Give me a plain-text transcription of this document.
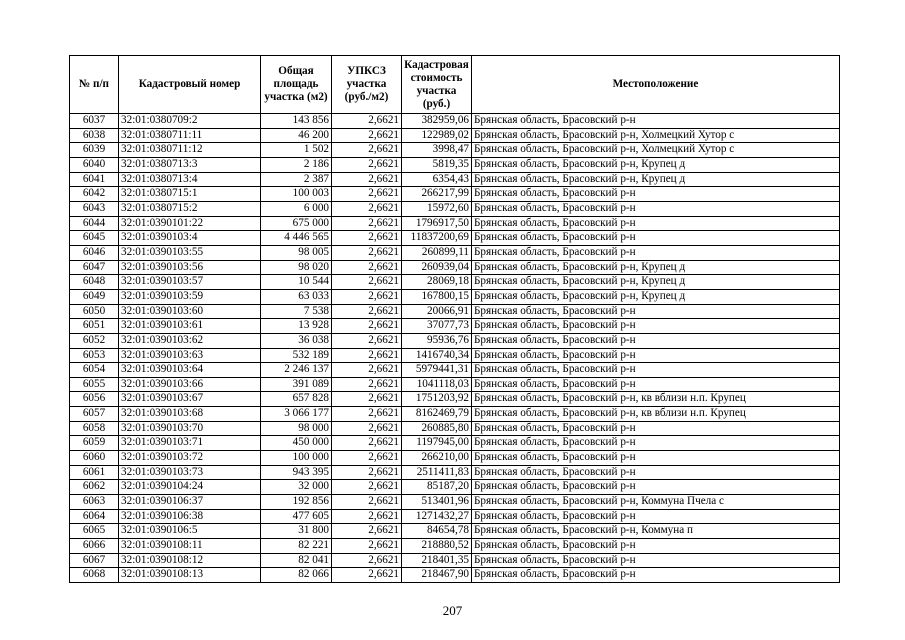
№ п/п	Кадастровый номер	Общая площадь участка (м2)	УПКСЗ участка (руб./м2)	Кадастровая стоимость участка (руб.)	Местоположение
6037	32:01:0380709:2	143 856	2,6621	382959,06	Брянская область, Брасовский р-н
6038	32:01:0380711:11	46 200	2,6621	122989,02	Брянская область, Брасовский р-н, Холмецкий Хутор с
6039	32:01:0380711:12	1 502	2,6621	3998,47	Брянская область, Брасовский р-н, Холмецкий Хутор с
6040	32:01:0380713:3	2 186	2,6621	5819,35	Брянская область, Брасовский р-н, Крупец д
6041	32:01:0380713:4	2 387	2,6621	6354,43	Брянская область, Брасовский р-н, Крупец д
6042	32:01:0380715:1	100 003	2,6621	266217,99	Брянская область, Брасовский р-н
6043	32:01:0380715:2	6 000	2,6621	15972,60	Брянская область, Брасовский р-н
6044	32:01:0390101:22	675 000	2,6621	1796917,50	Брянская область, Брасовский р-н
6045	32:01:0390103:4	4 446 565	2,6621	11837200,69	Брянская область, Брасовский р-н
6046	32:01:0390103:55	98 005	2,6621	260899,11	Брянская область, Брасовский р-н
6047	32:01:0390103:56	98 020	2,6621	260939,04	Брянская область, Брасовский р-н, Крупец д
6048	32:01:0390103:57	10 544	2,6621	28069,18	Брянская область, Брасовский р-н, Крупец д
6049	32:01:0390103:59	63 033	2,6621	167800,15	Брянская область, Брасовский р-н, Крупец д
6050	32:01:0390103:60	7 538	2,6621	20066,91	Брянская область, Брасовский р-н
6051	32:01:0390103:61	13 928	2,6621	37077,73	Брянская область, Брасовский р-н
6052	32:01:0390103:62	36 038	2,6621	95936,76	Брянская область, Брасовский р-н
6053	32:01:0390103:63	532 189	2,6621	1416740,34	Брянская область, Брасовский р-н
6054	32:01:0390103:64	2 246 137	2,6621	5979441,31	Брянская область, Брасовский р-н
6055	32:01:0390103:66	391 089	2,6621	1041118,03	Брянская область, Брасовский р-н
6056	32:01:0390103:67	657 828	2,6621	1751203,92	Брянская область, Брасовский р-н, кв вблизи н.п. Крупец
6057	32:01:0390103:68	3 066 177	2,6621	8162469,79	Брянская область, Брасовский р-н, кв вблизи н.п. Крупец
6058	32:01:0390103:70	98 000	2,6621	260885,80	Брянская область, Брасовский р-н
6059	32:01:0390103:71	450 000	2,6621	1197945,00	Брянская область, Брасовский р-н
6060	32:01:0390103:72	100 000	2,6621	266210,00	Брянская область, Брасовский р-н
6061	32:01:0390103:73	943 395	2,6621	2511411,83	Брянская область, Брасовский р-н
6062	32:01:0390104:24	32 000	2,6621	85187,20	Брянская область, Брасовский р-н
6063	32:01:0390106:37	192 856	2,6621	513401,96	Брянская область, Брасовский р-н, Коммуна Пчела с
6064	32:01:0390106:38	477 605	2,6621	1271432,27	Брянская область, Брасовский р-н
6065	32:01:0390106:5	31 800	2,6621	84654,78	Брянская область, Брасовский р-н, Коммуна п
6066	32:01:0390108:11	82 221	2,6621	218880,52	Брянская область, Брасовский р-н
6067	32:01:0390108:12	82 041	2,6621	218401,35	Брянская область, Брасовский р-н
6068	32:01:0390108:13	82 066	2,6621	218467,90	Брянская область, Брасовский р-н
207
